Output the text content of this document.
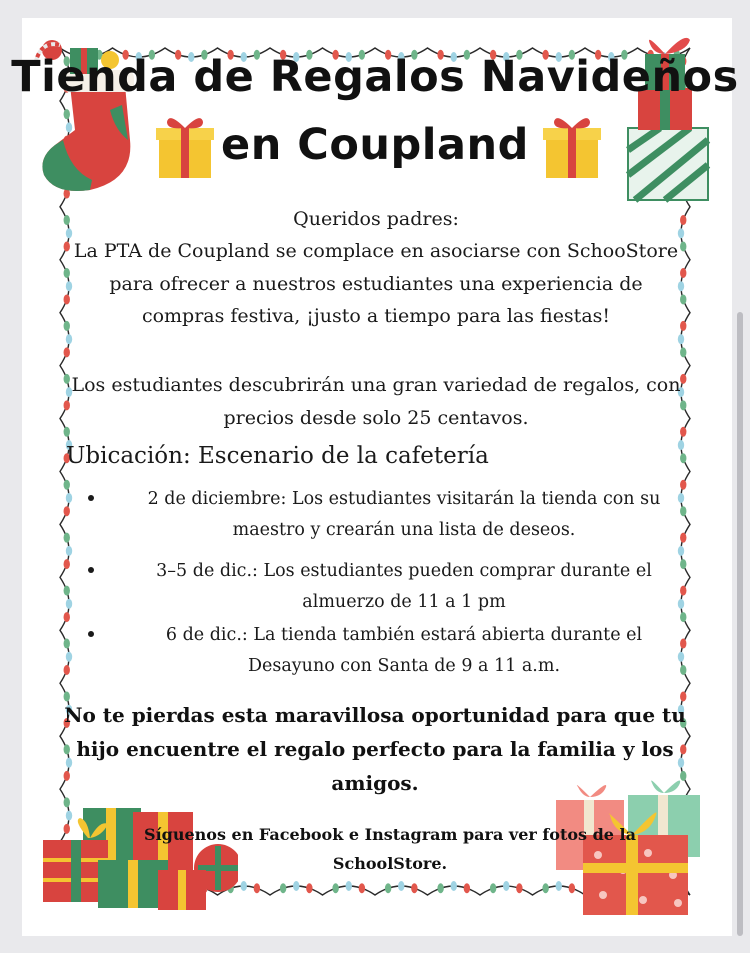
Tienda de Regalos Navideños
en Coupland
Queridos padres:
La PTA de Coupland se complace en asociarse con SchooStore para ofrecer a nuestros estudiantes una experiencia de compras festiva, ¡justo a tiempo para las fiestas!
Los estudiantes descubrirán una gran variedad de regalos, con precios desde solo 25 centavos.
Ubicación: Escenario de la cafetería
2 de diciembre: Los estudiantes visitarán la tienda con su maestro y crearán una lista de deseos.
3–5 de dic.: Los estudiantes pueden comprar durante el almuerzo de 11 a 1 pm
6 de dic.: La tienda también estará abierta durante el Desayuno con Santa de 9 a 11 a.m.
No te pierdas esta maravillosa oportunidad para que tu hijo encuentre el regalo perfecto para la familia y los amigos.
Síguenos en Facebook e Instagram para ver fotos de la SchoolStore.
